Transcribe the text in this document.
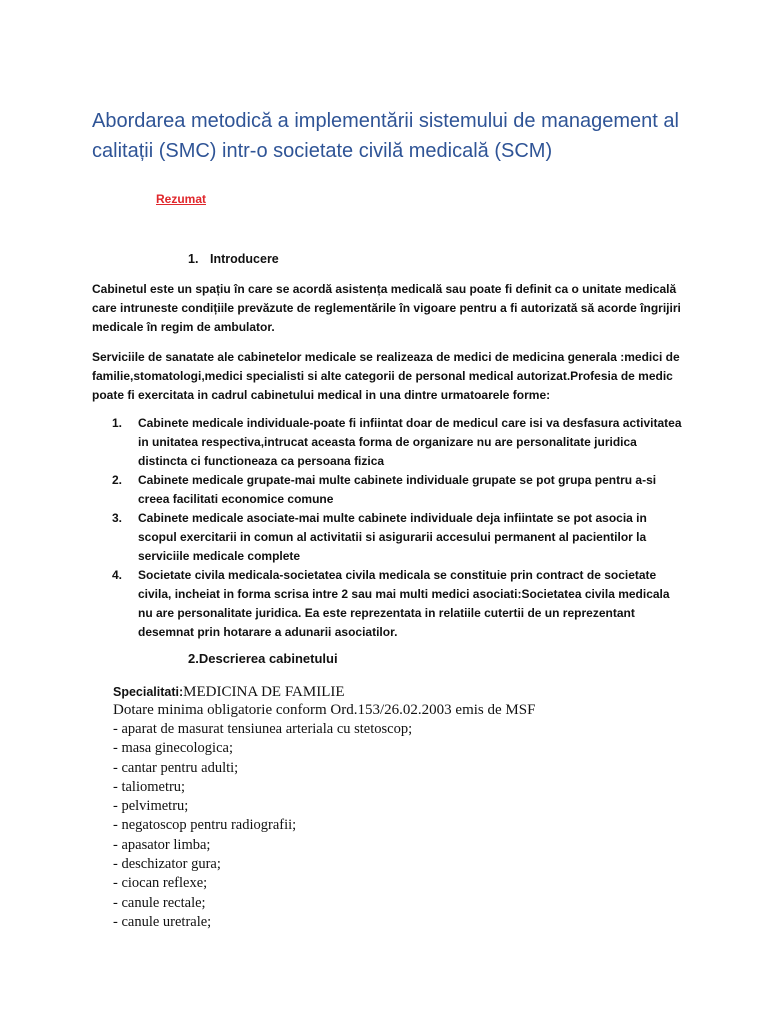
Abordarea metodică a implementării sistemului de management al calitații (SMC) intr-o societate civilă medicală (SCM)

Rezumat

1. Introducere

Cabinetul este un spațiu în care se acordă asistența medicală sau poate fi definit ca o unitate medicală care intruneste condițiile prevăzute de reglementările în vigoare pentru a fi autorizată să acorde îngrijiri medicale în regim de ambulator.

Serviciile de sanatate ale cabinetelor medicale se realizeaza de medici de medicina generala :medici de familie,stomatologi,medici specialisti si alte categorii de personal medical autorizat.Profesia de medic poate fi exercitata in cadrul cabinetului medical in una dintre urmatoarele forme:

1.	Cabinete medicale individuale-poate fi infiintat doar de medicul care isi va desfasura activitatea in unitatea respectiva,intrucat aceasta forma de organizare nu are personalitate juridica distincta ci functioneaza ca persoana fizica
2.	Cabinete medicale grupate-mai multe cabinete individuale grupate se pot grupa pentru a-si creea facilitati economice comune
3.	Cabinete medicale asociate-mai multe cabinete individuale deja infiintate se pot asocia in scopul exercitarii in comun al activitatii si asigurarii accesului permanent al pacientilor la serviciile medicale complete
4.	Societate civila medicala-societatea civila medicala se constituie prin contract de societate civila, incheiat in forma scrisa intre 2 sau mai multi medici asociati:Societatea civila medicala nu are personalitate juridica. Ea este reprezentata in relatiile cutertii de un reprezentant desemnat prin hotarare a adunarii asociatilor.

2.Descrierea cabinetului

Specialitati:MEDICINA DE FAMILIE

Dotare minima obligatorie conform Ord.153/26.02.2003 emis de MSF

- aparat de masurat tensiunea arteriala cu stetoscop;
- masa ginecologica;
- cantar pentru adulti;
- taliometru;
- pelvimetru;
- negatoscop pentru radiografii;
- apasator limba;
- deschizator gura;
- ciocan reflexe;
- canule rectale;
- canule uretrale;
